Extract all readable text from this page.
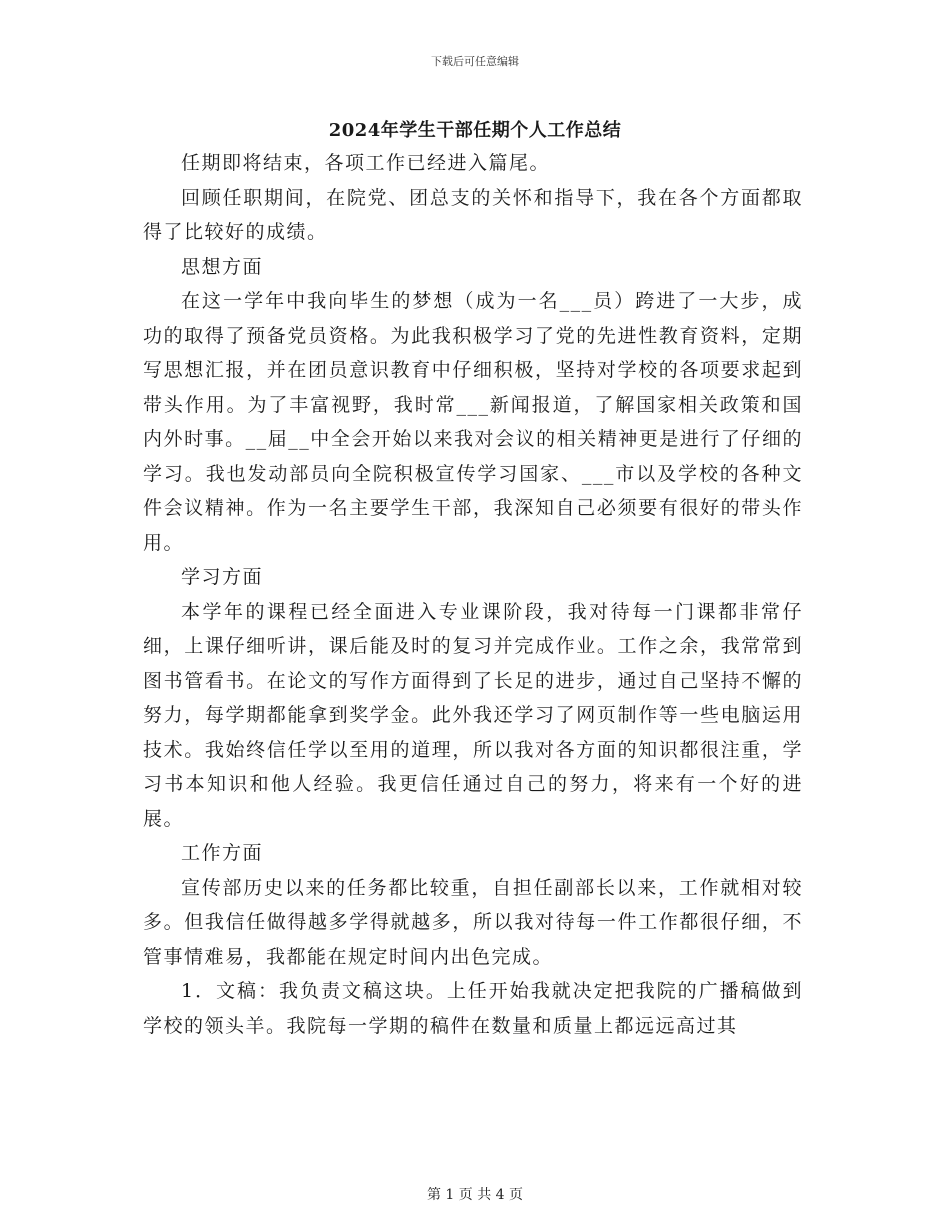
下载后可任意编辑
2024年学生干部任期个人工作总结

任期即将结束，各项工作已经进入篇尾。

回顾任职期间，在院党、团总支的关怀和指导下，我在各个方面都取得了比较好的成绩。

思想方面

在这一学年中我向毕生的梦想（成为一名___员）跨进了一大步，成功的取得了预备党员资格。为此我积极学习了党的先进性教育资料，定期写思想汇报，并在团员意识教育中仔细积极，坚持对学校的各项要求起到带头作用。为了丰富视野，我时常___新闻报道，了解国家相关政策和国内外时事。__届__中全会开始以来我对会议的相关精神更是进行了仔细的学习。我也发动部员向全院积极宣传学习国家、___市以及学校的各种文件会议精神。作为一名主要学生干部，我深知自己必须要有很好的带头作用。

学习方面

本学年的课程已经全面进入专业课阶段，我对待每一门课都非常仔细，上课仔细听讲，课后能及时的复习并完成作业。工作之余，我常常到图书管看书。在论文的写作方面得到了长足的进步，通过自己坚持不懈的努力，每学期都能拿到奖学金。此外我还学习了网页制作等一些电脑运用技术。我始终信任学以至用的道理，所以我对各方面的知识都很注重，学习书本知识和他人经验。我更信任通过自己的努力，将来有一个好的进展。

工作方面

宣传部历史以来的任务都比较重，自担任副部长以来，工作就相对较多。但我信任做得越多学得就越多，所以我对待每一件工作都很仔细，不管事情难易，我都能在规定时间内出色完成。

1．文稿：我负责文稿这块。上任开始我就决定把我院的广播稿做到学校的领头羊。我院每一学期的稿件在数量和质量上都远远高过其

第 1 页 共 4 页
